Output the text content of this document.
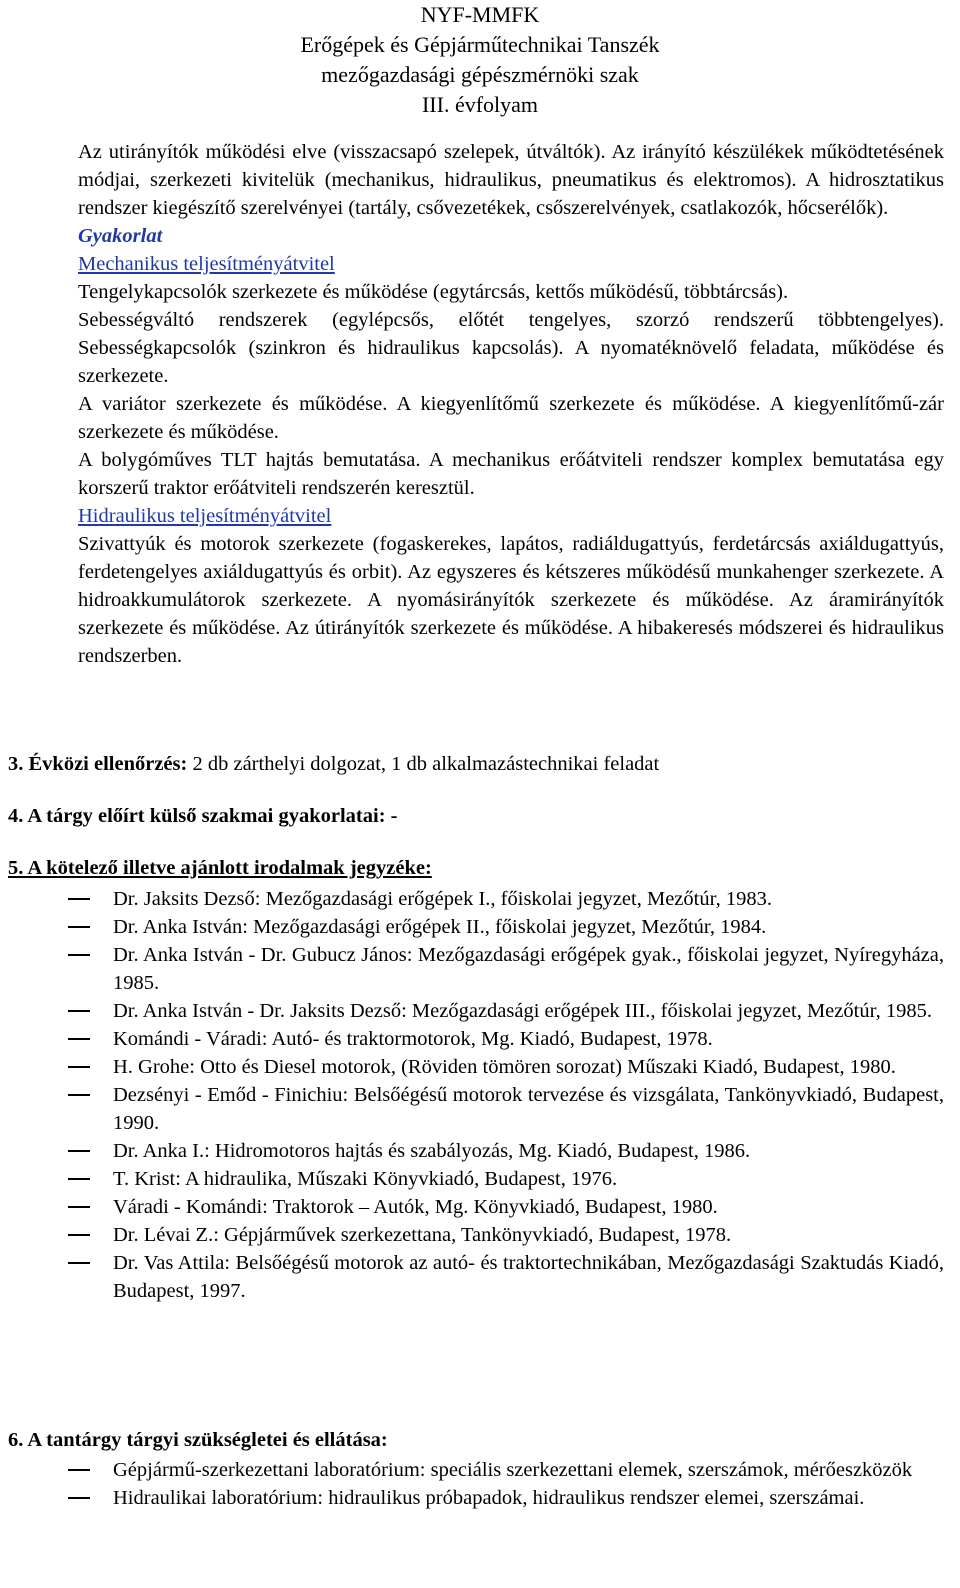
NYF-MMFK
Erőgépek és Gépjárműtechnikai Tanszék
mezőgazdasági gépészmérnöki szak
III. évfolyam
Az utirányítók működési elve (visszacsapó szelepek, útváltók). Az irányító készülékek működtetésének módjai, szerkezeti kivitelük (mechanikus, hidraulikus, pneumatikus és elektromos). A hidrosztatikus rendszer kiegészítő szerelvényei (tartály, csővezetékek, csőszerelvények, csatlakozók, hőcserélők).
Gyakorlat
Mechanikus teljesítményátvitel
Tengelykapcsolók szerkezete és működése (egytárcsás, kettős működésű, többtárcsás).
Sebességváltó rendszerek (egylépcsős, előtét tengelyes, szorzó rendszerű többtengelyes). Sebességkapcsolók (szinkron és hidraulikus kapcsolás). A nyomatéknövelő feladata, működése és szerkezete.
A variátor szerkezete és működése. A kiegyenlítőmű szerkezete és működése. A kiegyenlítőmű-zár szerkezete és működése.
A bolygóműves TLT hajtás bemutatása. A mechanikus erőátviteli rendszer komplex bemutatása egy korszerű traktor erőátviteli rendszerén keresztül.
Hidraulikus teljesítményátvitel
Szivattyúk és motorok szerkezete (fogaskerekes, lapátos, radiáldugattyús, ferdetárcsás axiáldugattyús, ferdetengelyes axiáldugattyús és orbit). Az egyszeres és kétszeres működésű munkahenger szerkezete. A hidroakkumulátorok szerkezete. A nyomásirányítók szerkezete és működése. Az áramirányítók szerkezete és működése. Az útirányítók szerkezete és működése. A hibakeresés módszerei és hidraulikus rendszerben.
3. Évközi ellenőrzés: 2 db zárthelyi dolgozat, 1 db alkalmazástechnikai feladat
4. A tárgy előírt külső szakmai gyakorlatai: -
5. A kötelező illetve ajánlott irodalmak jegyzéke:
Dr. Jaksits Dezső: Mezőgazdasági erőgépek I., főiskolai jegyzet, Mezőtúr, 1983.
Dr. Anka István: Mezőgazdasági erőgépek II., főiskolai jegyzet, Mezőtúr, 1984.
Dr. Anka István - Dr. Gubucz János: Mezőgazdasági erőgépek gyak., főiskolai jegyzet, Nyíregyháza, 1985.
Dr. Anka István - Dr. Jaksits Dezső: Mezőgazdasági erőgépek III., főiskolai jegyzet, Mezőtúr, 1985.
Komándi - Váradi: Autó- és traktormotorok, Mg. Kiadó, Budapest, 1978.
H. Grohe: Otto és Diesel motorok, (Röviden tömören sorozat) Műszaki Kiadó, Budapest, 1980.
Dezsényi - Emőd - Finichiu: Belsőégésű motorok tervezése és vizsgálata, Tankönyvkiadó, Budapest, 1990.
Dr. Anka I.: Hidromotoros hajtás és szabályozás, Mg. Kiadó, Budapest, 1986.
T. Krist: A hidraulika, Műszaki Könyvkiadó, Budapest, 1976.
Váradi - Komándi: Traktorok – Autók, Mg. Könyvkiadó, Budapest, 1980.
Dr. Lévai Z.: Gépjárművek szerkezettana, Tankönyvkiadó, Budapest, 1978.
Dr. Vas Attila: Belsőégésű motorok az autó- és traktortechnikában, Mezőgazdasági Szaktudás Kiadó, Budapest, 1997.
6. A tantárgy tárgyi szükségletei és ellátása:
Gépjármű-szerkezettani laboratórium: speciális szerkezettani elemek, szerszámok, mérőeszközök
Hidraulikai laboratórium: hidraulikus próbapadok, hidraulikus rendszer elemei, szerszámai.
